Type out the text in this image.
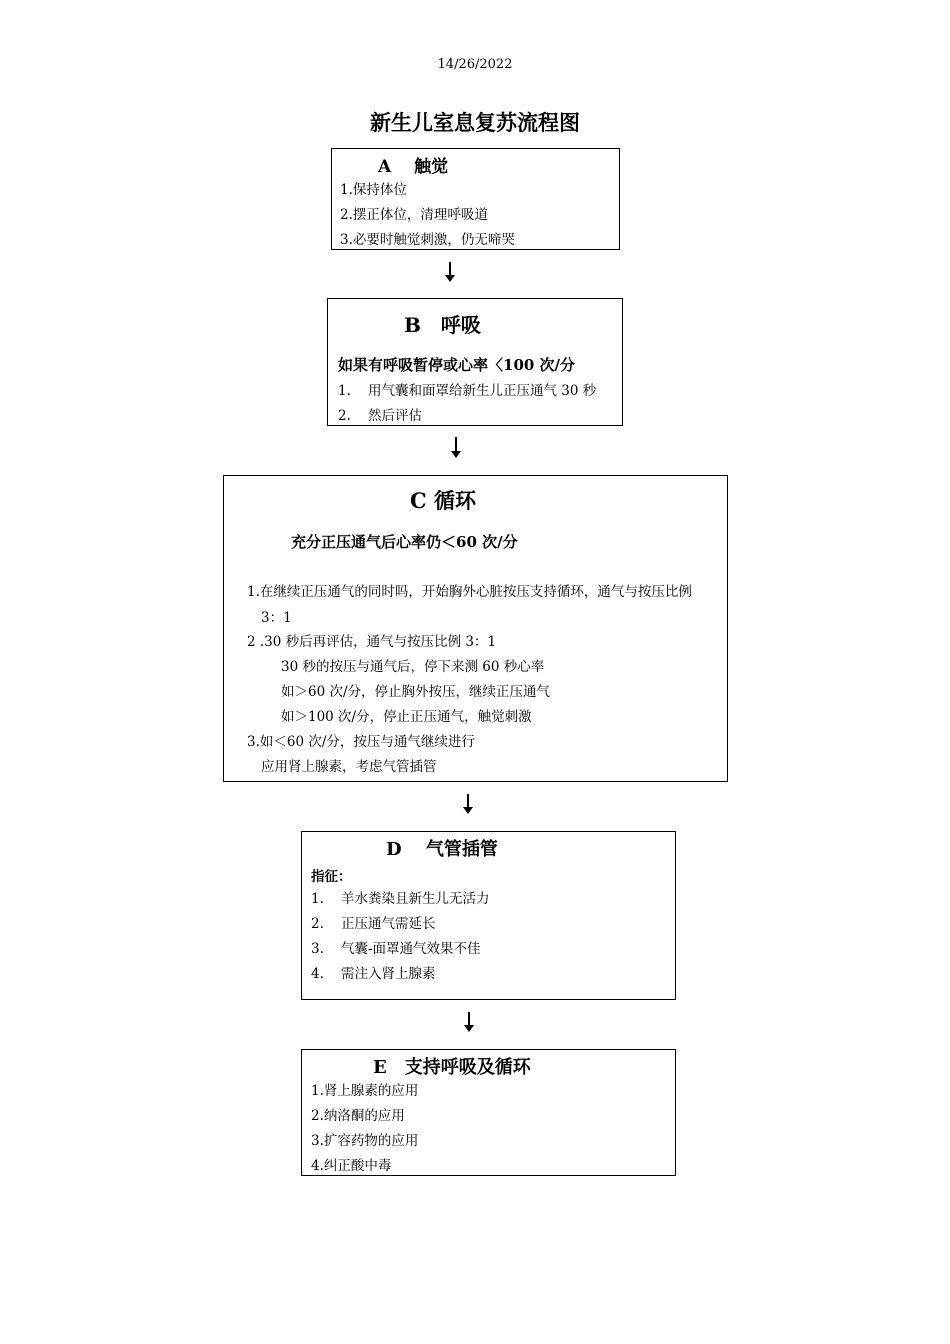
14/26/2022
新生儿室息复苏流程图
A　 触觉
1.保持体位
2.摆正体位，清理呼吸道
3.必要时触觉刺激，仍无啼哭
B　呼吸
如果有呼吸暂停或心率〈100 次/分
1. 用气囊和面罩给新生儿正压通气 30 秒
2. 然后评估
C 循环
充分正压通气后心率仍＜60 次/分
1.在继续正压通气的同时吗，开始胸外心脏按压支持循环，通气与按压比例
3：1
2 .30 秒后再评估，通气与按压比例 3：1
30 秒的按压与通气后，停下来测 60 秒心率
如＞60 次/分，停止胸外按压，继续正压通气
如＞100 次/分，停止正压通气，触觉刺激
3.如＜60 次/分，按压与通气继续进行
应用肾上腺素，考虑气管插管
D　 气管插管
指征：
1. 羊水粪染且新生儿无活力
2. 正压通气需延长
3. 气囊-面罩通气效果不佳
4. 需注入肾上腺素
E　支持呼吸及循环
1.肾上腺素的应用
2.纳洛酮的应用
3.扩容药物的应用
4.纠正酸中毒
